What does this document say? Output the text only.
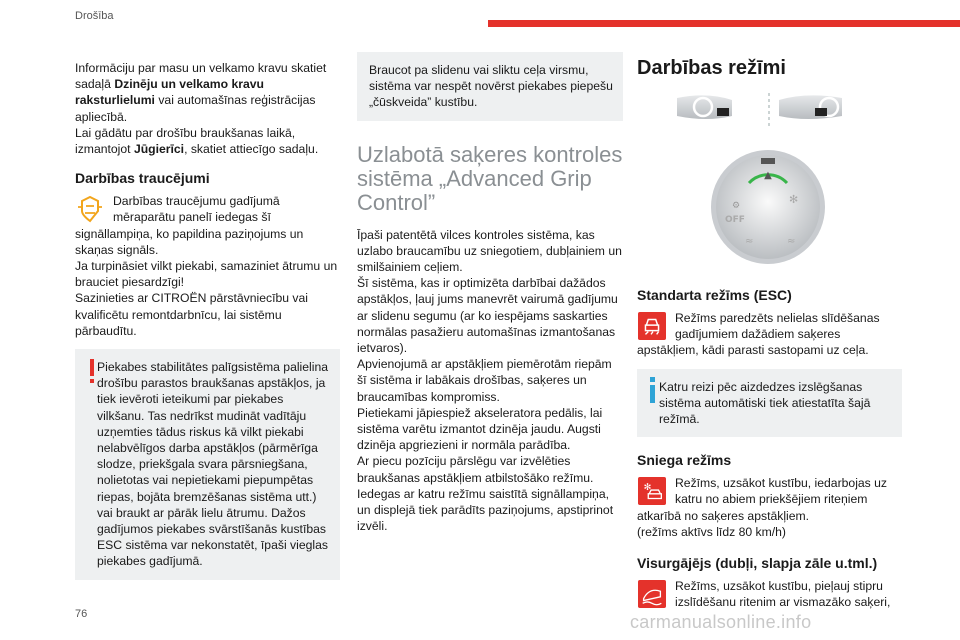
Drošība

Informāciju par masu un velkamo kravu skatiet sadaļā Dzinēju un velkamo kravu raksturlielumi vai automašīnas reģistrācijas apliecībā.

Lai gādātu par drošību braukšanas laikā, izmantojot Jūgierīci, skatiet attiecīgo sadaļu.

Darbības traucējumi

Darbības traucējumu gadījumā mēraparātu panelī iedegas šī signāllampiņa, ko papildina paziņojums un skaņas signāls.

Ja turpināsiet vilkt piekabi, samaziniet ātrumu un brauciet piesardzīgi!

Sazinieties ar CITROËN pārstāvniecību vai kvalificētu remontdarbnīcu, lai sistēmu pārbaudītu.

Piekabes stabilitātes palīgsistēma palielina drošību parastos braukšanas apstākļos, ja tiek ievēroti ieteikumi par piekabes vilkšanu. Tas nedrīkst mudināt vadītāju uzņemties tādus riskus kā vilkt piekabi nelabvēlīgos darba apstākļos (pārmērīga slodze, priekšgala svara pārsniegšana, nolietotas vai nepietiekami piepumpētas riepas, bojāta bremzēšanas sistēma utt.) vai braukt ar pārāk lielu ātrumu. Dažos gadījumos piekabes svārstīšanās kustības ESC sistēma var nekonstatēt, īpaši vieglas piekabes gadījumā.

Braucot pa slidenu vai sliktu ceļa virsmu, sistēma var nespēt novērst piekabes piepešu „čūskveida” kustību.

Uzlabotā saķeres kontroles sistēma „Advanced Grip Control”

Īpaši patentētā vilces kontroles sistēma, kas uzlabo braucamību uz sniegotiem, dubļainiem un smilšainiem ceļiem.

Šī sistēma, kas ir optimizēta darbībai dažādos apstākļos, ļauj jums manevrēt vairumā gadījumu ar slidenu segumu (ar ko iespējams saskarties normālas pasažieru automašīnas izmantošanas ietvaros).

Apvienojumā ar apstākļiem piemērotām riepām šī sistēma ir labākais drošības, saķeres un braucamības kompromiss.

Pietiekami jāpiespiež akseleratora pedālis, lai sistēma varētu izmantot dzinēja jaudu. Augsti dzinēja apgriezieni ir normāla parādība.

Ar piecu pozīciju pārslēgu var izvēlēties braukšanas apstākļiem atbilstošāko režīmu.

Iedegas ar katru režīmu saistītā signāllampiņa, un displejā tiek parādīts paziņojums, apstiprinot izvēli.

Darbības režīmi
▲
⚙	✻
OFF
≈	≈
Standarta režīms (ESC)

Režīms paredzēts nelielas slīdēšanas gadījumiem dažādiem saķeres apstākļiem, kādi parasti sastopami uz ceļa.

Katru reizi pēc aizdedzes izslēgšanas sistēma automātiski tiek atiestatīta šajā režīmā.

Sniega režīms
✻	Režīms, uzsākot kustību, iedarbojas uz katru no abiem priekšējiem riteņiem atkarībā no saķeres apstākļiem.

(režīms aktīvs līdz 80 km/h)

Visurgājējs (dubļi, slapja zāle u.tml.)

Režīms, uzsākot kustību, pieļauj stipru izslīdēšanu ritenim ar vismazāko saķeri,

76	carmanualsonline.info
